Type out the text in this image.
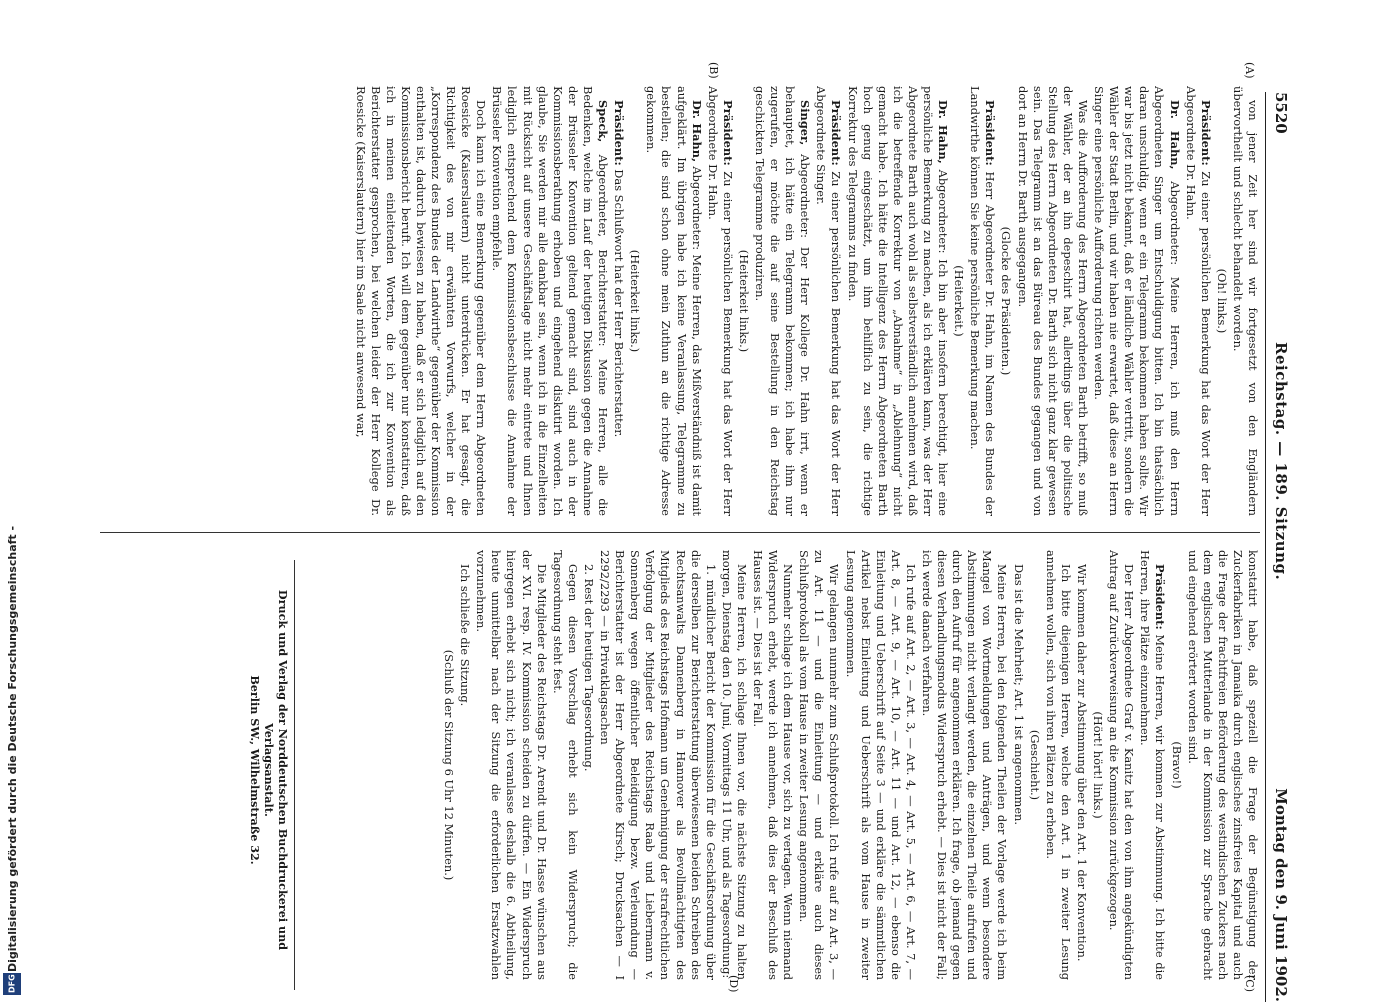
Digitalisierung gefördert durch die Deutsche Forschungsgemeinschaft -
DFG
5520
Reichstag. — 189. Sitzung.
Montag den 9. Juni 1902.
(A)
(B)
(C)
(D)

von jener Zeit her sind wir fortgesetzt von den Engländern übervortheilt und schlecht behandelt worden.

(Oh! links.)

Präsident: Zu einer persönlichen Bemerkung hat das Wort der Herr Abgeordnete Dr. Hahn.

Dr. Hahn, Abgeordneter: Meine Herren, ich muß den Herrn Abgeordneten Singer um Entschuldigung bitten. Ich bin thatsächlich daran unschuldig, wenn er ein Telegramm bekommen haben sollte. Wir war bis jetzt nicht bekannt, daß er ländliche Wähler vertritt, sondern die Wähler der Stadt Berlin, und wir haben nie erwartet, daß diese an Herrn Singer eine persönliche Aufforderung richten werden.

Was die Aufforderung des Herrn Abgeordneten Barth betrifft, so muß der Wähler, der an ihn depeschirt hat, allerdings über die politische Stellung des Herrn Abgeordneten Dr. Barth sich nicht ganz klar gewesen sein. Das Telegramm ist an das Büreau des Bundes gegangen und von dort an Herrn Dr. Barth ausgegangen.

(Glocke des Präsidenten.)

Präsident: Herr Abgeordneter Dr. Hahn, im Namen des Bundes der Landwirthe können Sie keine persönliche Bemerkung machen.

(Heiterkeit.)

Dr. Hahn, Abgeordneter: Ich bin aber insofern berechtigt, hier eine persönliche Bemerkung zu machen, als ich erklären kann, was der Herr Abgeordnete Barth auch wohl als selbstverständlich annehmen wird, daß ich die betreffende Korrektur von „Abnahme“ in „Ablehnung“ nicht gemacht habe. Ich hätte die Intelligenz des Herrn Abgeordneten Barth hoch genug eingeschätzt, um ihm behilflich zu sein, die richtige Korrektur des Telegramms zu finden.

Präsident: Zu einer persönlichen Bemerkung hat das Wort der Herr Abgeordnete Singer.

Singer, Abgeordneter: Der Herr Kollege Dr. Hahn irrt, wenn er behauptet, ich hätte ein Telegramm bekommen; ich habe ihm nur zugerufen, er möchte die auf seine Bestellung in den Reichstag geschickten Telegramme produziren.

(Heiterkeit links.)

Präsident: Zu einer persönlichen Bemerkung hat das Wort der Herr Abgeordnete Dr. Hahn.

Dr. Hahn, Abgeordneter: Meine Herren, das Mißverständniß ist damit aufgeklärt. Im übrigen habe ich keine Veranlassung, Telegramme zu bestellen; die sind schon ohne mein Zuthun an die richtige Adresse gekommen.

(Heiterkeit links.)

Präsident: Das Schlußwort hat der Herr Berichterstatter.

Speck, Abgeordneter, Berichterstatter: Meine Herren, alle die Bedenken, welche im Lauf der heutigen Diskussion gegen die Annahme der Brüsseler Konvention geltend gemacht sind, sind auch in der Kommissionsberathung erhoben und eingehend diskutirt worden. Ich glaube, Sie werden mir alle dankbar sein, wenn ich in die Einzelheiten mit Rücksicht auf unsere Geschäftslage nicht mehr eintrete und Ihnen lediglich entsprechend dem Kommissionsbeschlusse die Annahme der Brüsseler Konvention empfehle.

Doch kann ich eine Bemerkung gegenüber dem Herrn Abgeordneten Roesicke (Kaiserslautern) nicht unterdrücken. Er hat gesagt, die Richtigkeit des von mir erwähnten Vorwurfs, welcher in der „Korrespondenz des Bundes der Landwirthe“ gegenüber der Kommission enthalten ist, dadurch bewiesen zu haben, daß er sich lediglich auf den Kommissionsbericht beruft. Ich will dem gegenüber nur konstatiren, daß ich in meinen einleitenden Worten, die ich zur Konvention als Berichterstatter gesprochen, bei welchen leider der Herr Kollege Dr. Roesicke (Kaiserslautern) hier im Saale nicht anwesend war,

konstatirt habe, daß speziell die Frage der Begünstigung der Zuckerfabriken in Jamaika durch englisches zinsfreies Kapital und auch die Frage der frachtfreien Beförderung des westindischen Zuckers nach dem englischen Mutterlande in der Kommission zur Sprache gebracht und eingehend erörtert worden sind.

(Bravo!)

Präsident: Meine Herren, wir kommen zur Abstimmung. Ich bitte die Herren, ihre Plätze einzunehmen.

Der Herr Abgeordnete Graf v. Kanitz hat den von ihm angekündigten Antrag auf Zurückverweisung an die Kommission zurückgezogen.

(Hört! hört! links.)

Wir kommen daher zur Abstimmung über den Art. 1 der Konvention.

Ich bitte diejenigen Herren, welche den Art. 1 in zweiter Lesung annehmen wollen, sich von ihren Plätzen zu erheben.

(Geschieht.)

Das ist die Mehrheit; Art. 1 ist angenommen.

Meine Herren, bei den folgenden Theilen der Vorlage werde ich beim Mangel von Wortmeldungen und Anträgen, und wenn besondere Abstimmungen nicht verlangt werden, die einzelnen Theile aufrufen und durch den Aufruf für angenommen erklären. Ich frage, ob jemand gegen diesen Verhandlungsmodus Widerspruch erhebt. — Dies ist nicht der Fall; ich werde danach verfahren.

Ich rufe auf Art. 2, — Art. 3, — Art. 4, — Art. 5, — Art. 6, — Art. 7, — Art. 8, — Art. 9, — Art. 10, — Art. 11 — und Art. 12, — ebenso die Einleitung und Ueberschrift auf Seite 3 — und erkläre die sämmtlichen Artikel nebst Einleitung und Ueberschrift als vom Hause in zweiter Lesung angenommen.

Wir gelangen nunmehr zum Schlußprotokoll. Ich rufe auf zu Art. 3, — zu Art. 11 — und die Einleitung — und erkläre auch dieses Schlußprotokoll als vom Hause in zweiter Lesung angenommen.

Nunmehr schlage ich dem Hause vor, sich zu vertagen. Wenn niemand Widerspruch erhebt, werde ich annehmen, daß dies der Beschluß des Hauses ist. — Dies ist der Fall.

Meine Herren, ich schlage Ihnen vor, die nächste Sitzung zu halten morgen, Dienstag den 10. Juni, Vormittags 11 Uhr, und als Tagesordnung:

1. mündlicher Bericht der Kommission für die Geschäftsordnung über die derselben zur Berichterstattung überwiesenen beiden Schreiben des Rechtsanwalts Dannenberg in Hannover als Bevollmächtigten des Mitglieds des Reichstags Hofmann um Genehmigung der strafrechtlichen Verfolgung der Mitglieder des Reichstags Raab und Liebermann v. Sonnenberg wegen öffentlicher Beleidigung bezw. Verleumdung — Berichterstatter ist der Herr Abgeordnete Kirsch; Drucksachen — I 2292/2293 — in Privatklagsachen

2. Rest der heutigen Tagesordnung.

Gegen diesen Vorschlag erhebt sich kein Widerspruch; die Tagesordnung steht fest.

Die Mitglieder des Reichstags Dr. Arendt und Dr. Hasse wünschen aus der XVI. resp. IV. Kommission scheiden zu dürfen. — Ein Widerspruch hiergegen erhebt sich nicht; ich veranlasse deshalb die 6. Abtheilung, heute unmittelbar nach der Sitzung die erforderlichen Ersatzwahlen vorzunehmen.

Ich schließe die Sitzung.

(Schluß der Sitzung 6 Uhr 12 Minuten.)

Druck und Verlag der Norddeutschen Buchdruckerei und Verlagsanstalt.
Berlin SW., Wilhelmstraße 32.
